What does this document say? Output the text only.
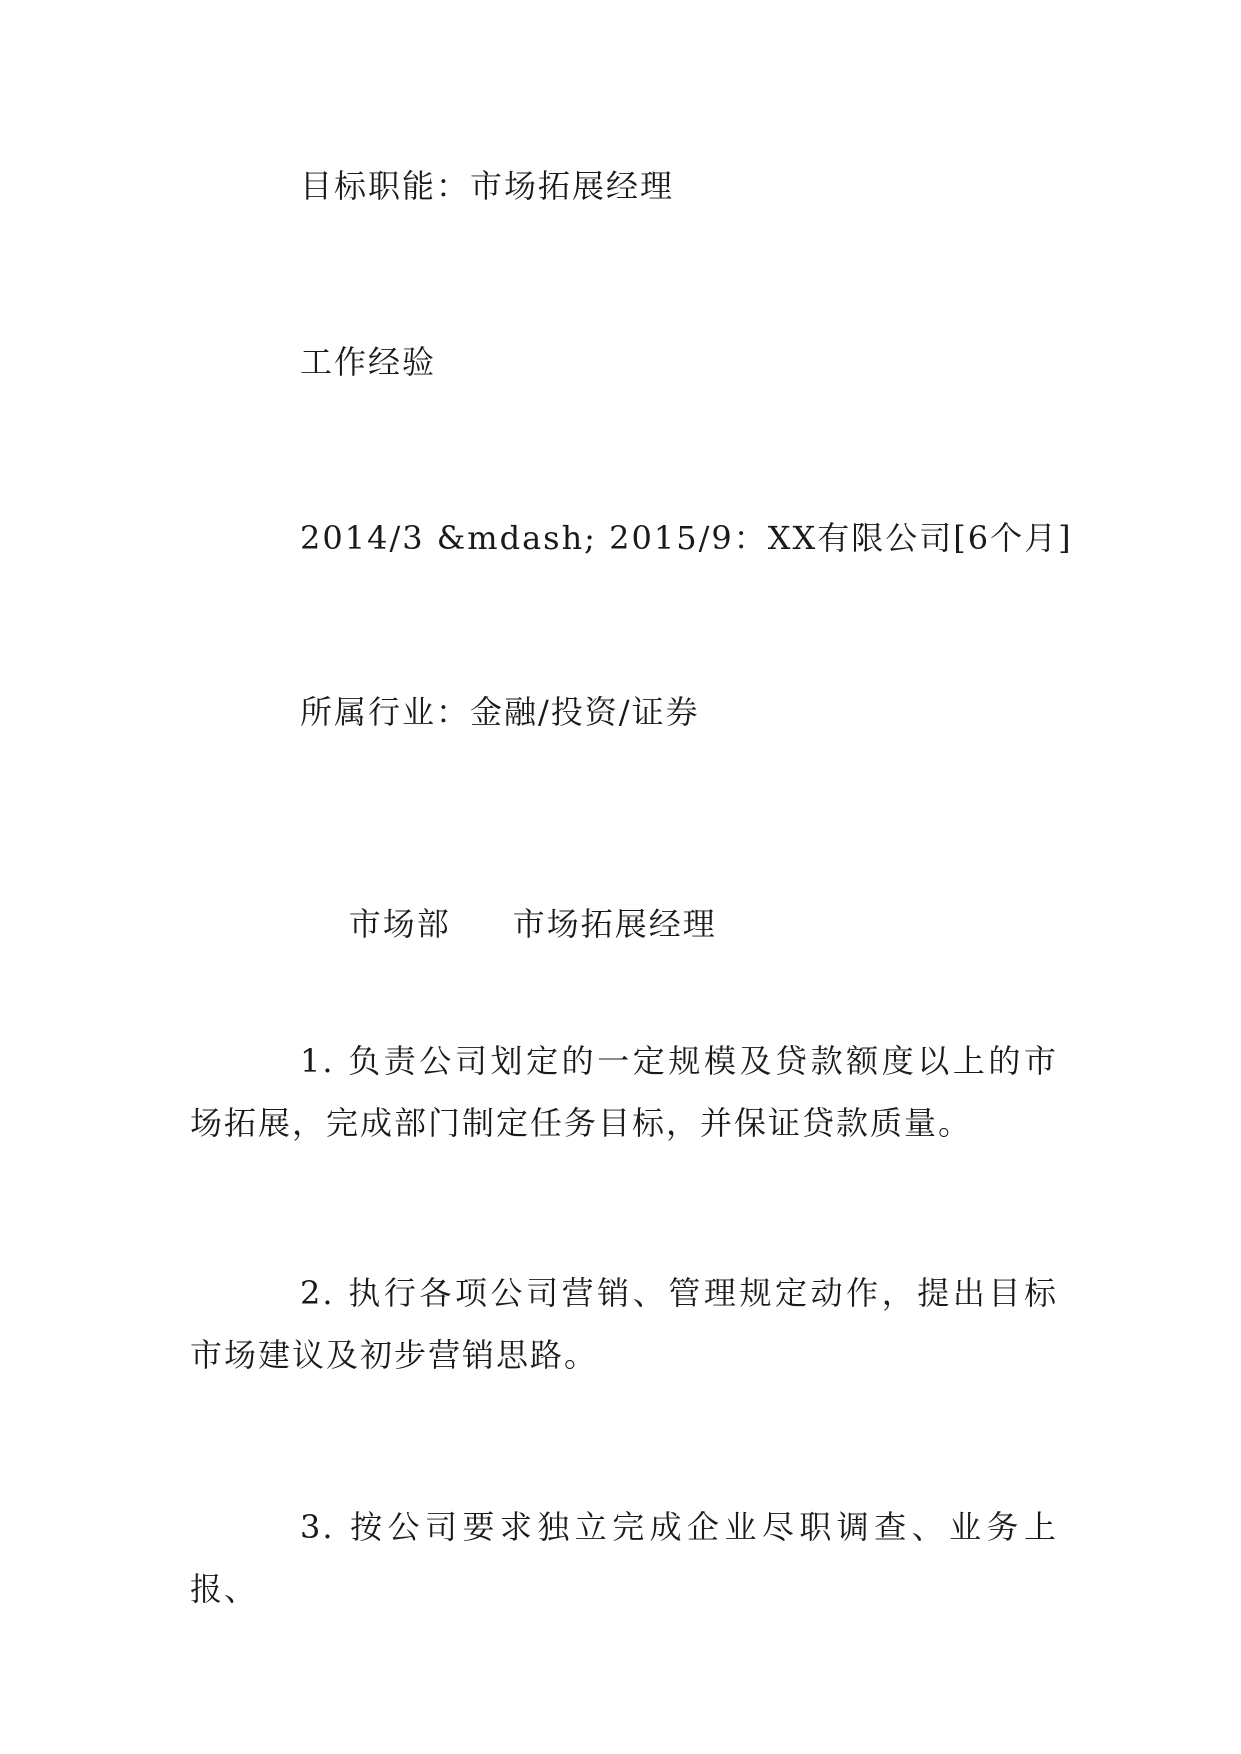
目标职能：市场拓展经理
工作经验
2014/3 &mdash; 2015/9：XX有限公司[6个月]
所属行业：金融/投资/证券

市场部 市场拓展经理

1. 负责公司划定的一定规模及贷款额度以上的市场拓展，完成部门制定任务目标，并保证贷款质量。
2. 执行各项公司营销、管理规定动作，提出目标市场建议及初步营销思路。
3. 按公司要求独立完成企业尽职调查、业务上报、
